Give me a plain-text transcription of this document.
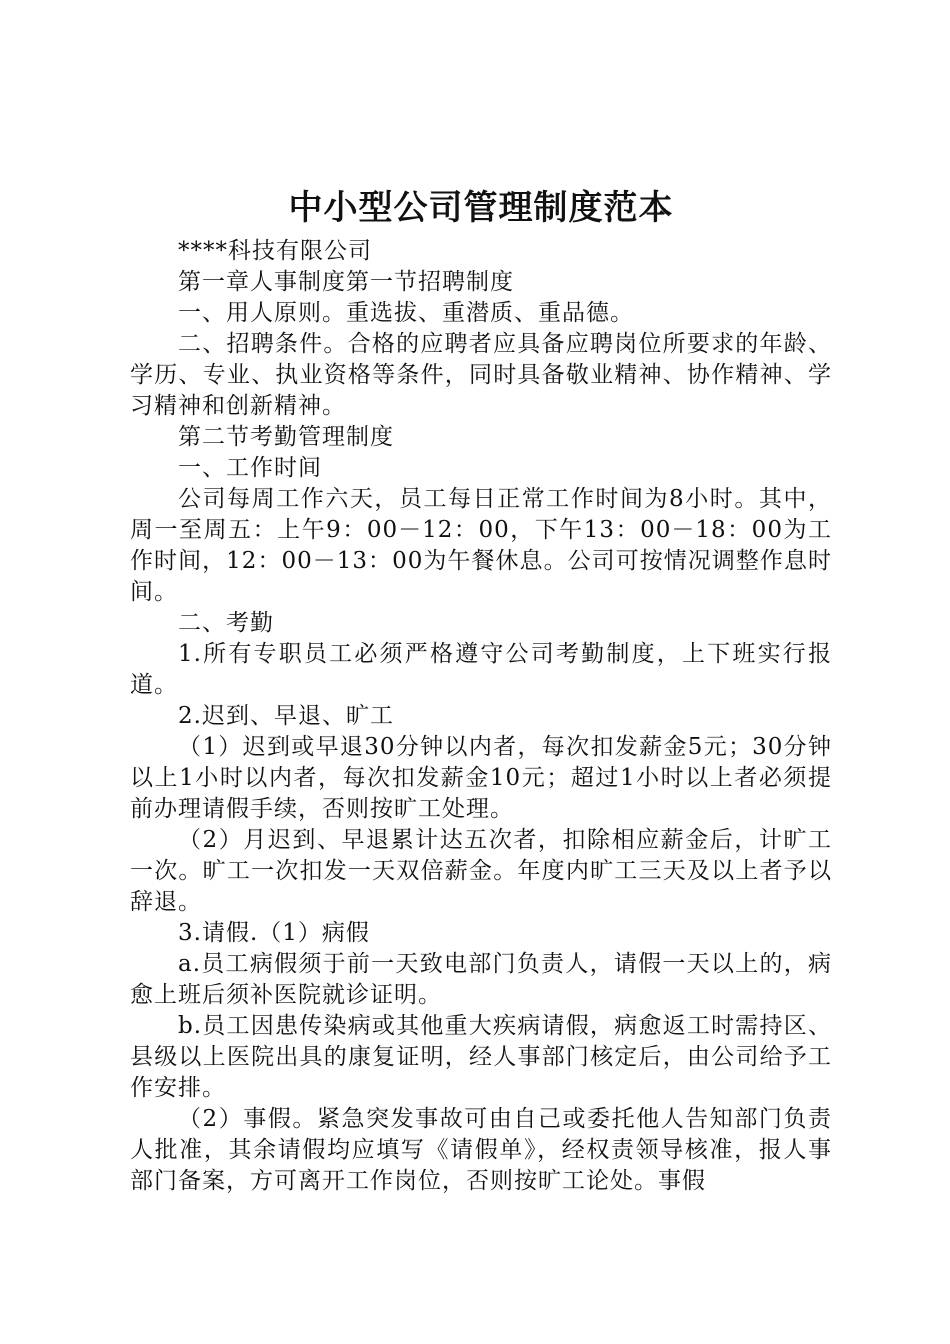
中小型公司管理制度范本

****科技有限公司

第一章人事制度第一节招聘制度

一、用人原则。重选拔、重潜质、重品德。

二、招聘条件。合格的应聘者应具备应聘岗位所要求的年龄、学历、专业、执业资格等条件，同时具备敬业精神、协作精神、学习精神和创新精神。

第二节考勤管理制度

一、工作时间

公司每周工作六天，员工每日正常工作时间为8小时。其中，周一至周五：上午9：00－12：00，下午13：00－18：00为工作时间，12：00－13：00为午餐休息。公司可按情况调整作息时间。

二、考勤

1.所有专职员工必须严格遵守公司考勤制度，上下班实行报道。

2.迟到、早退、旷工

（1）迟到或早退30分钟以内者，每次扣发薪金5元；30分钟以上1小时以内者，每次扣发薪金10元；超过1小时以上者必须提前办理请假手续，否则按旷工处理。

（2）月迟到、早退累计达五次者，扣除相应薪金后，计旷工一次。旷工一次扣发一天双倍薪金。年度内旷工三天及以上者予以辞退。

3.请假.（1）病假

a.员工病假须于前一天致电部门负责人，请假一天以上的，病愈上班后须补医院就诊证明。

b.员工因患传染病或其他重大疾病请假，病愈返工时需持区、县级以上医院出具的康复证明，经人事部门核定后，由公司给予工作安排。

（2）事假。紧急突发事故可由自己或委托他人告知部门负责人批准，其余请假均应填写《请假单》，经权责领导核准，报人事部门备案，方可离开工作岗位，否则按旷工论处。事假
